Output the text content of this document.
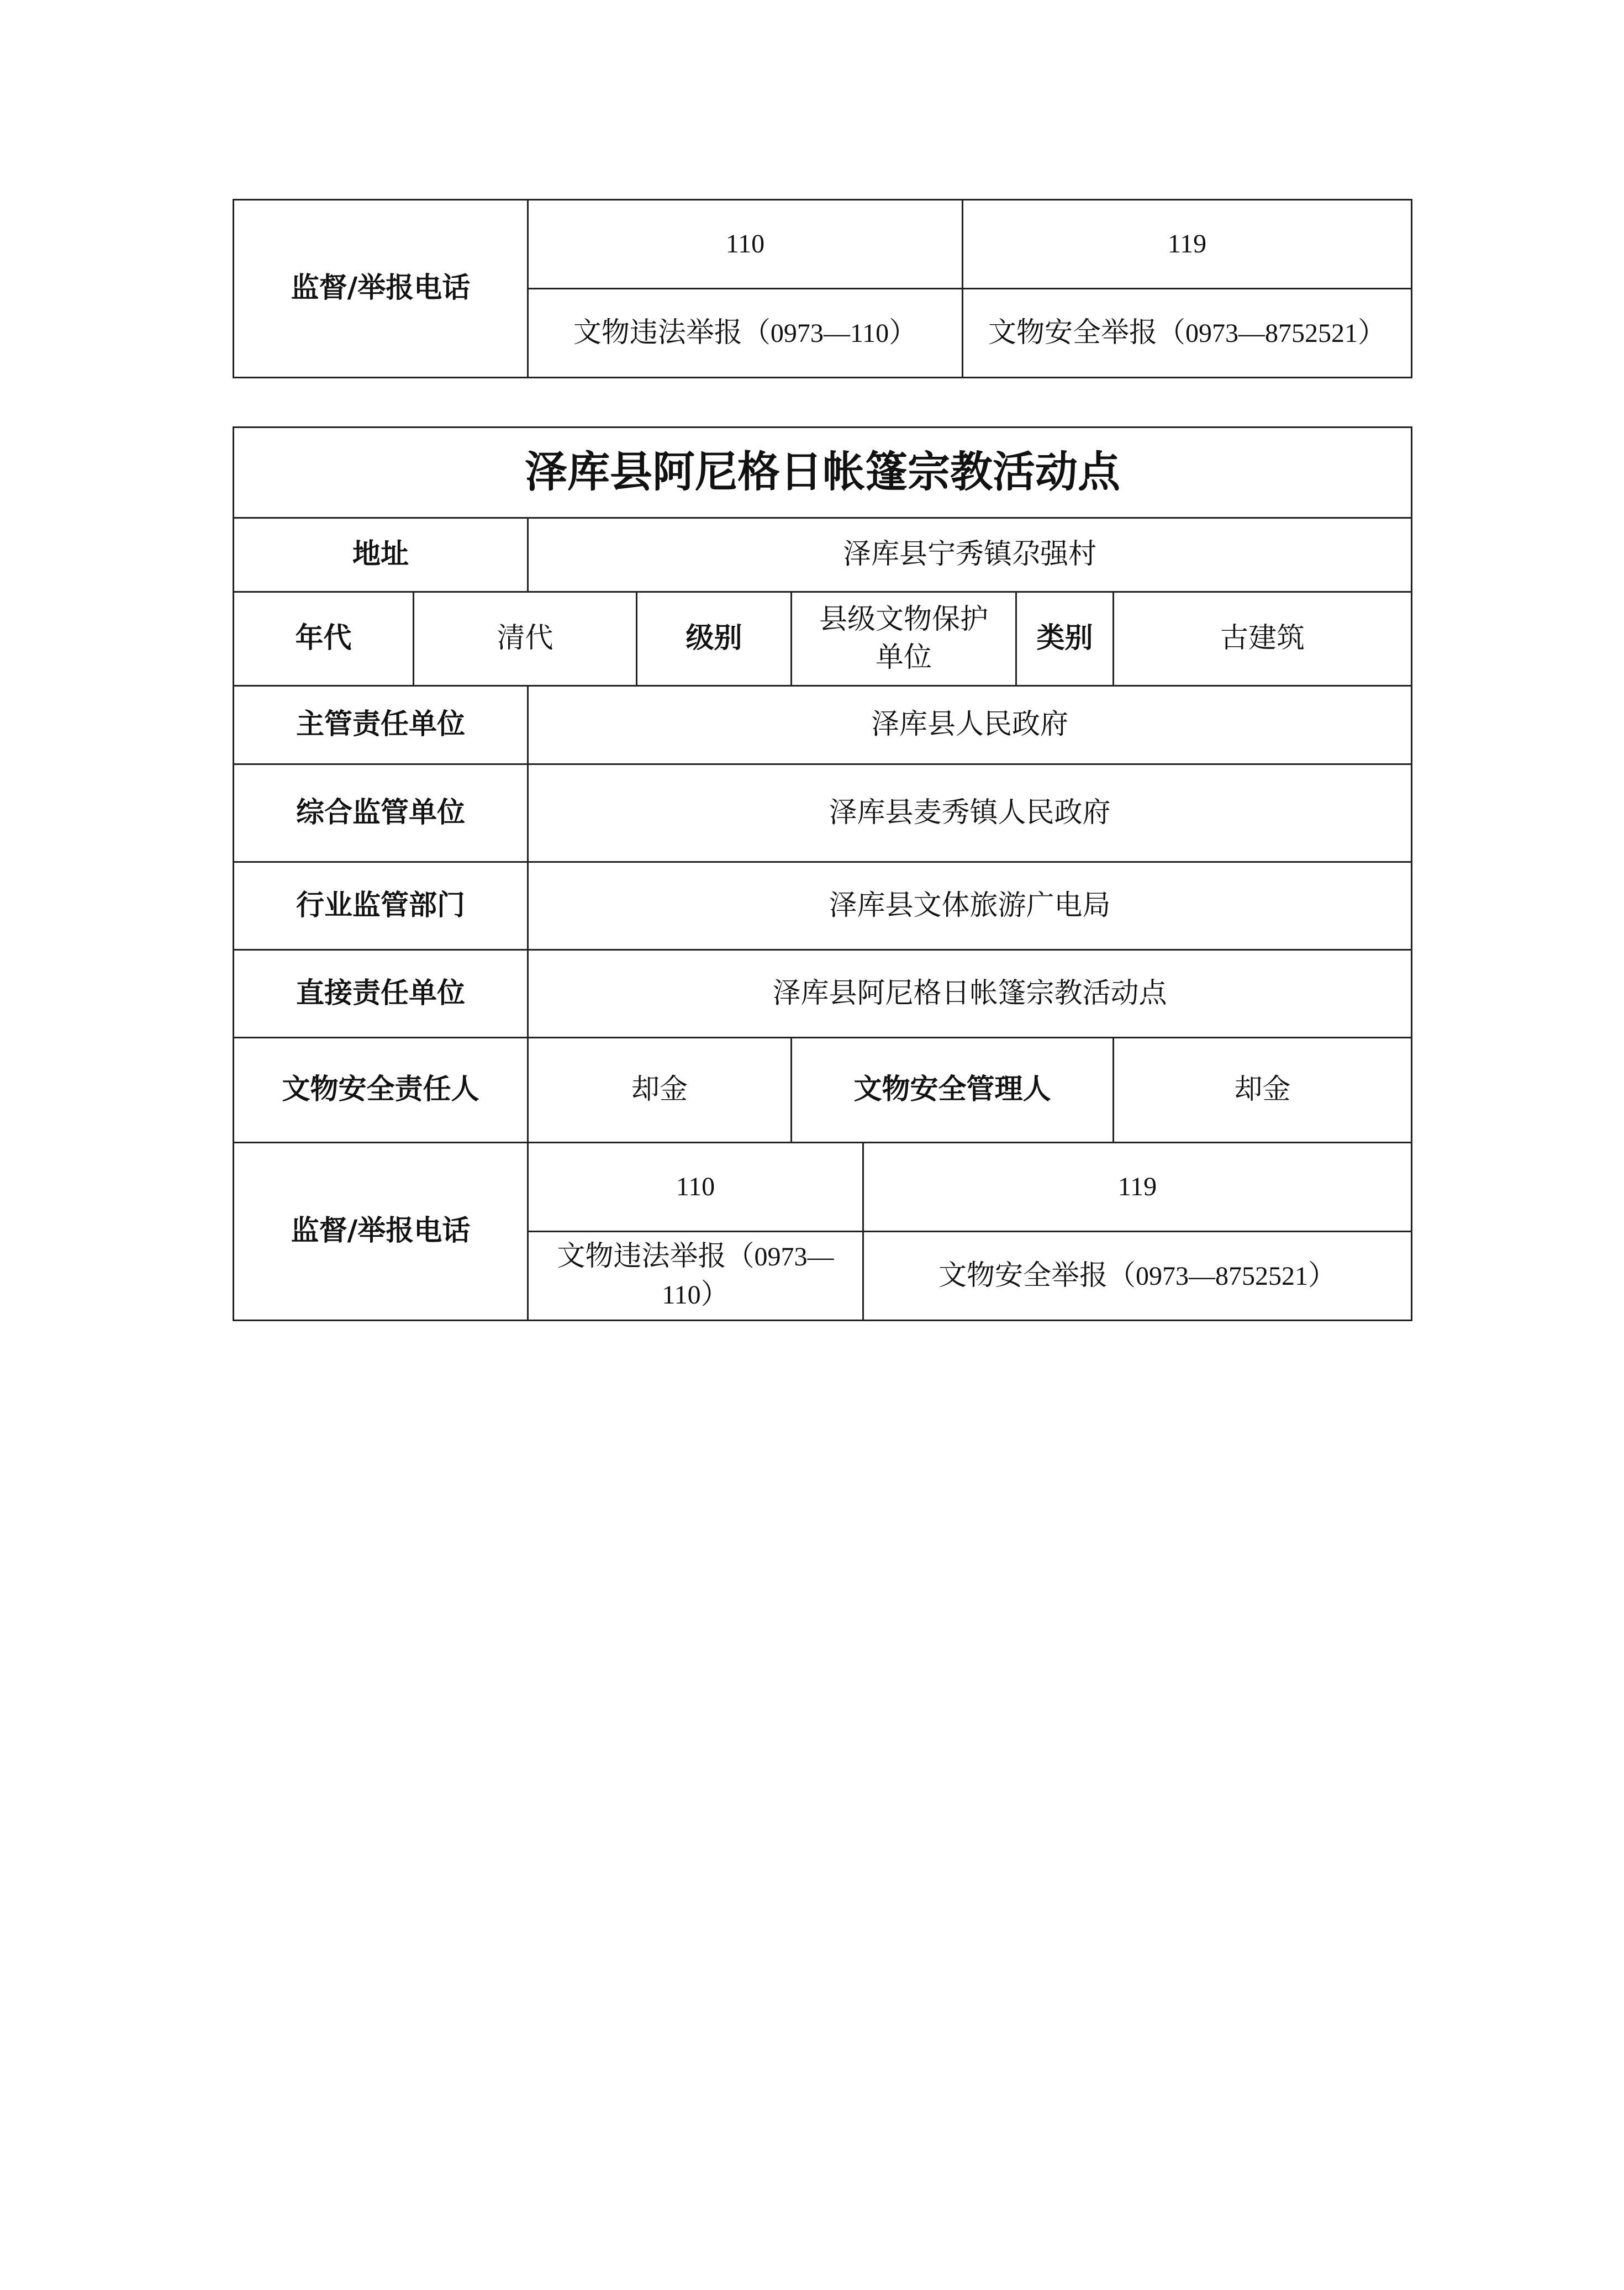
监督/举报电话	110	119
	文物违法举报（0973—110）	文物安全举报（0973—8752521）
泽库县阿尼格日帐篷宗教活动点							
地址		泽库县宁秀镇尕强村					
年代	清代		级别	县级文物保护单位		类别	古建筑
主管责任单位		泽库县人民政府					
综合监管单位		泽库县麦秀镇人民政府					
行业监管部门		泽库县文体旅游广电局					
直接责任单位		泽库县阿尼格日帐篷宗教活动点					
文物安全责任人		却金		文物安全管理人			却金
监督/举报电话		110			119		
		文物违法举报（0973—110）			文物安全举报（0973—8752521）		
